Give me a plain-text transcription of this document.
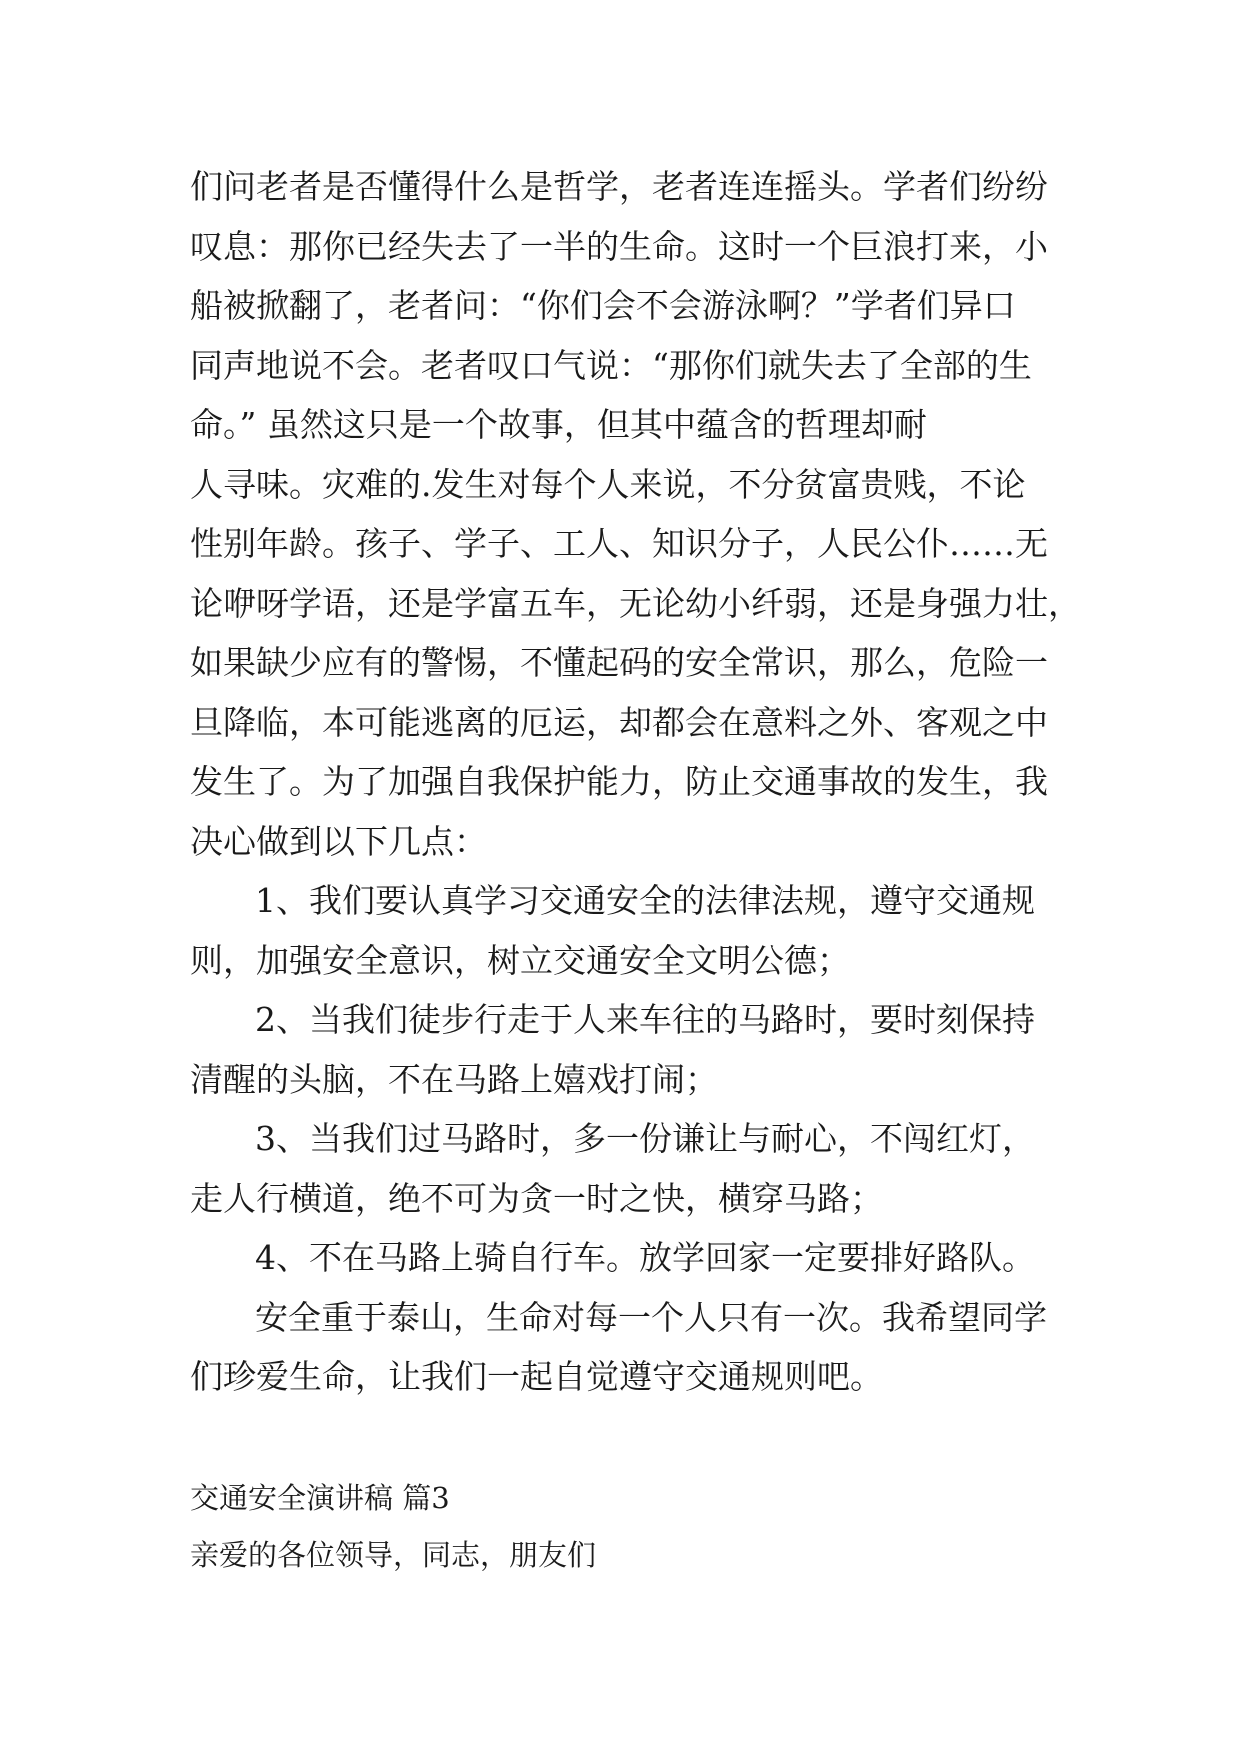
们问老者是否懂得什么是哲学，老者连连摇头。学者们纷纷
叹息：那你已经失去了一半的生命。这时一个巨浪打来，小
船被掀翻了，老者问：“你们会不会游泳啊？”学者们异口
同声地说不会。老者叹口气说：“那你们就失去了全部的生
命。” 虽然这只是一个故事，但其中蕴含的哲理却耐
人寻味。灾难的.发生对每个人来说，不分贫富贵贱，不论
性别年龄。孩子、学子、工人、知识分子，人民公仆……无
论咿呀学语，还是学富五车，无论幼小纤弱，还是身强力壮，
如果缺少应有的警惕，不懂起码的安全常识，那么，危险一
旦降临，本可能逃离的厄运，却都会在意料之外、客观之中
发生了。为了加强自我保护能力，防止交通事故的发生，我
决心做到以下几点：
1、我们要认真学习交通安全的法律法规，遵守交通规
则，加强安全意识，树立交通安全文明公德；
2、当我们徒步行走于人来车往的马路时，要时刻保持
清醒的头脑，不在马路上嬉戏打闹；
3、当我们过马路时，多一份谦让与耐心，不闯红灯，
走人行横道，绝不可为贪一时之快，横穿马路；
4、不在马路上骑自行车。放学回家一定要排好路队。
安全重于泰山，生命对每一个人只有一次。我希望同学
们珍爱生命，让我们一起自觉遵守交通规则吧。
交通安全演讲稿 篇3
亲爱的各位领导，同志，朋友们
